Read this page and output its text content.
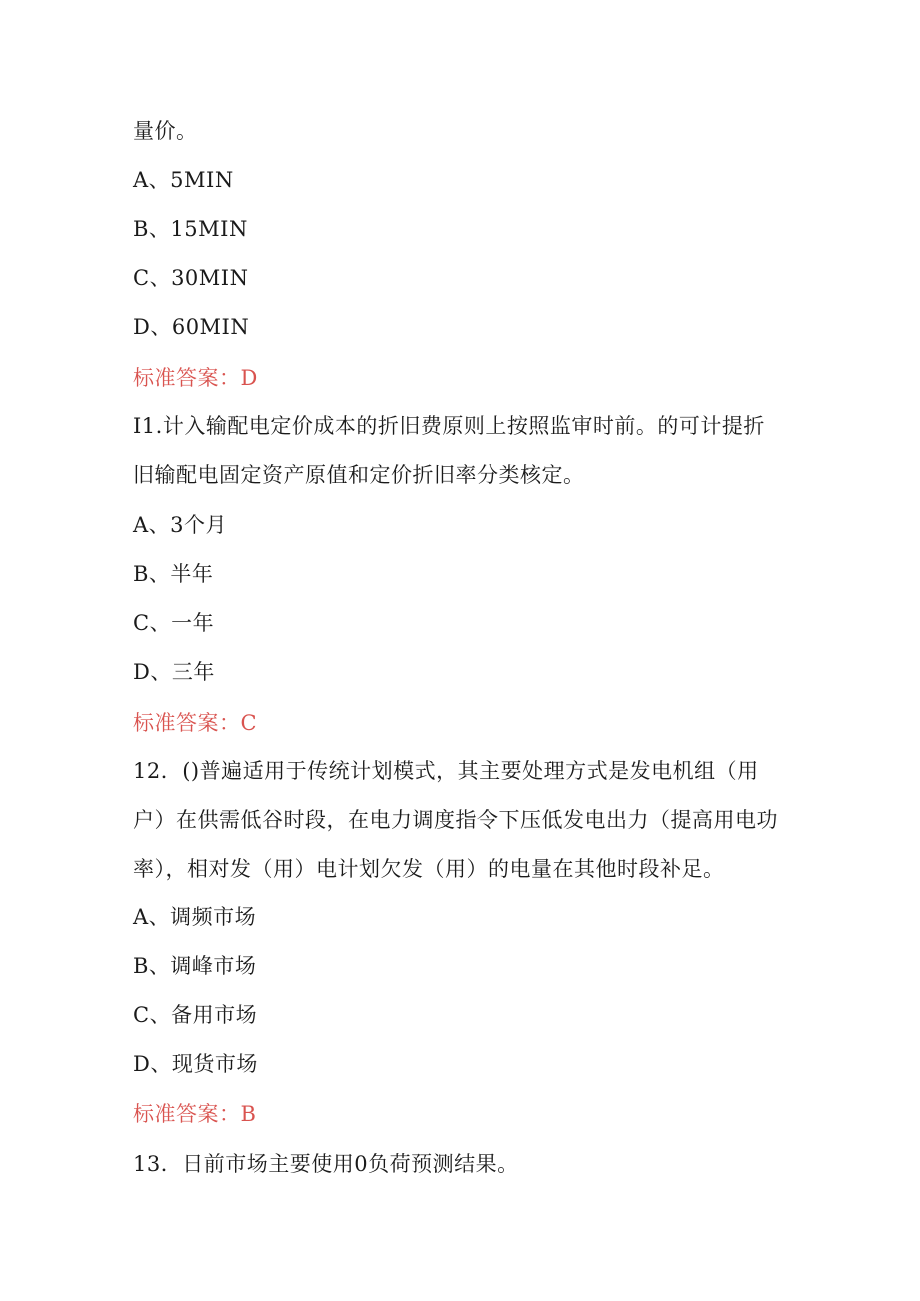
量价。
A、5MIN
B、15MIN
C、30MIN
D、60MIN
标准答案：D
I1.计入输配电定价成本的折旧费原则上按照监审时前。的可计提折
旧输配电固定资产原值和定价折旧率分类核定。
A、3个月
B、半年
C、一年
D、三年
标准答案：C
12．()普遍适用于传统计划模式，其主要处理方式是发电机组（用
户）在供需低谷时段，在电力调度指令下压低发电出力（提高用电功
率），相对发（用）电计划欠发（用）的电量在其他时段补足。
A、调频市场
B、调峰市场
C、备用市场
D、现货市场
标准答案：B
13．日前市场主要使用0负荷预测结果。
